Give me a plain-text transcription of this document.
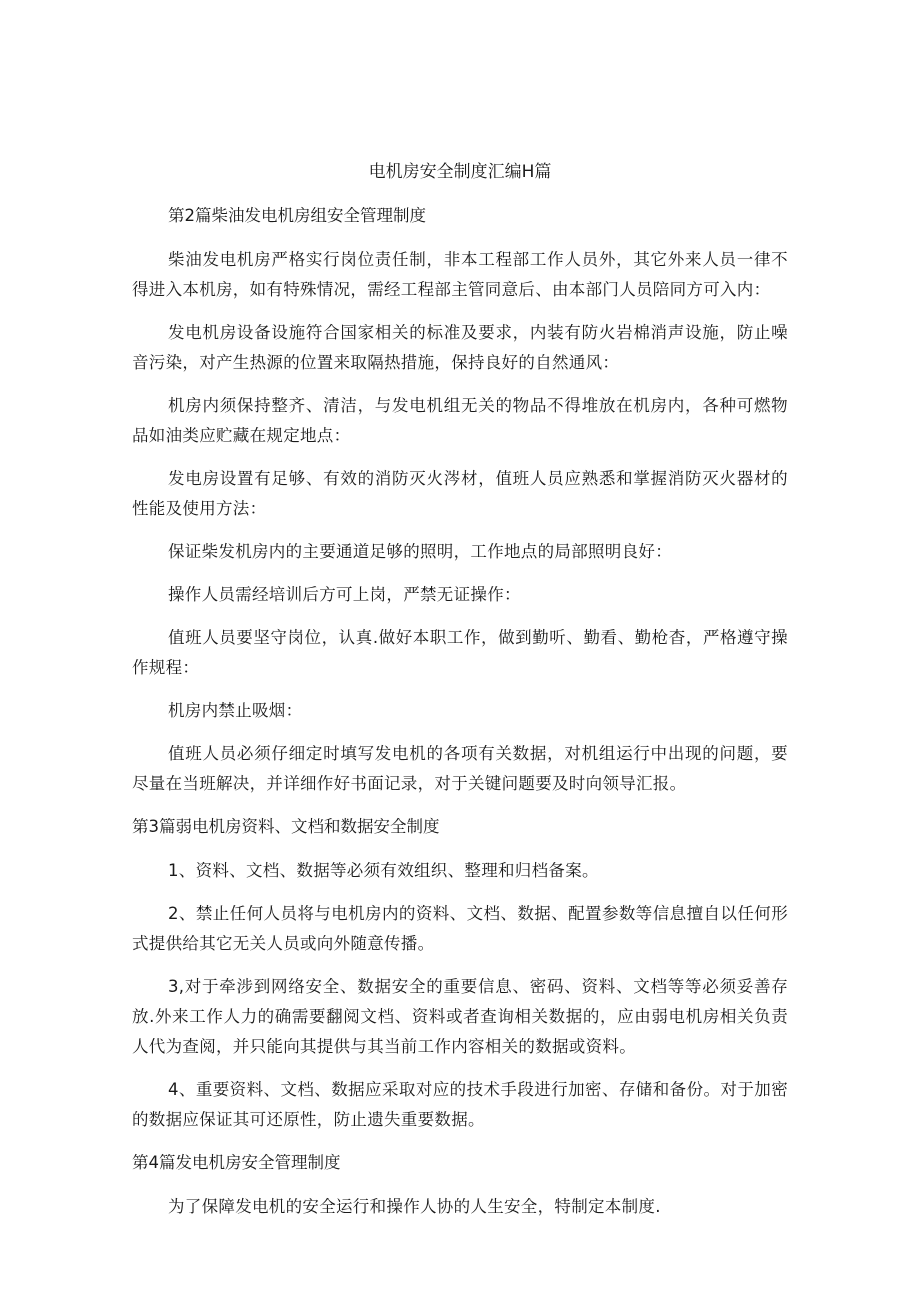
电机房安全制度汇编H篇
第2篇柴油发电机房组安全管理制度

柴油发电机房严格实行岗位责任制，非本工程部工作人员外，其它外来人员一律不得进入本机房，如有特殊情况，需经工程部主管同意后、由本部门人员陪同方可入内：

发电机房设备设施符合国家相关的标准及要求，内装有防火岩棉消声设施，防止噪音污染，对产生热源的位置来取隔热措施，保持良好的自然通风：

机房内须保持整齐、清洁，与发电机组无关的物品不得堆放在机房内，各种可燃物品如油类应贮藏在规定地点：

发电房设置有足够、有效的消防灭火涔材，值班人员应熟悉和掌握消防灭火器材的性能及使用方法：

保证柴发机房内的主要通道足够的照明，工作地点的局部照明良好：

操作人员需经培训后方可上岗，严禁无证操作：

值班人员要坚守岗位，认真.做好本职工作，做到勤听、勤看、勤枪杳，严格遵守操作规程：

机房内禁止吸烟：

值班人员必须仔细定时填写发电机的各项有关数据，对机组运行中出现的问题，要尽量在当班解决，并详细作好书面记录，对于关键问题要及时向领导汇报。

第3篇弱电机房资料、文档和数据安全制度

1、资料、文档、数据等必须有效组织、整理和归档备案。

2、禁止任何人员将与电机房内的资料、文档、数据、配置参数等信息擅自以任何形式提供给其它无关人员或向外随意传播。

3,对于牵涉到网络安全、数据安全的重要信息、密码、资料、文档等等必须妥善存放.外来工作人力的确需要翻阅文档、资料或者查询相关数据的，应由弱电机房相关负责人代为查阅，并只能向其提供与其当前工作内容相关的数据或资料。

4、重要资料、文档、数据应采取对应的技术手段进行加密、存储和备份。对于加密的数据应保证其可还原性，防止遗失重要数据。

第4篇发电机房安全管理制度

为了保障发电机的安全运行和操作人协的人生安全，特制定本制度.
